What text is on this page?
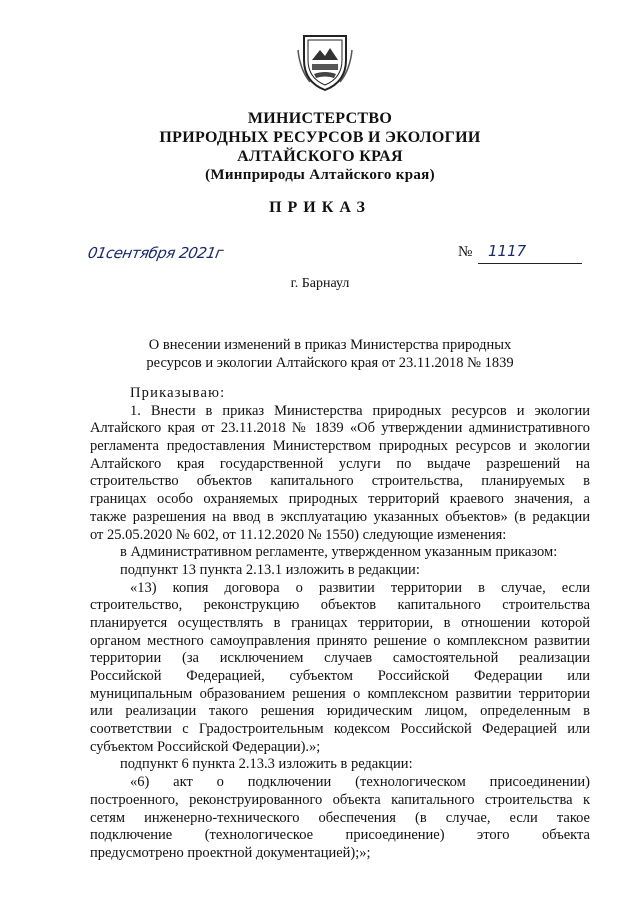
МИНИСТЕРСТВО
ПРИРОДНЫХ РЕСУРСОВ И ЭКОЛОГИИ
АЛТАЙСКОГО КРАЯ
(Минприроды Алтайского края)
ПРИКАЗ
01сентября 2021г	№ 1117
г. Барнаул
О внесении изменений в приказ Министерства природных
ресурсов и экологии Алтайского края от 23.11.2018 № 1839
Приказываю:
1. Внести в приказ Министерства природных ресурсов и экологии
Алтайского края от 23.11.2018 № 1839 «Об утверждении административного
регламента предоставления Министерством природных ресурсов и экологии
Алтайского края государственной услуги по выдаче разрешений на
строительство объектов капитального строительства, планируемых в
границах особо охраняемых природных территорий краевого значения, а
также разрешения на ввод в эксплуатацию указанных объектов» (в редакции
от 25.05.2020 № 602, от 11.12.2020 № 1550) следующие изменения:
в Административном регламенте, утвержденном указанным приказом:
подпункт 13 пункта 2.13.1 изложить в редакции:
«13) копия договора о развитии территории в случае, если
строительство, реконструкцию объектов капитального строительства
планируется осуществлять в границах территории, в отношении которой
органом местного самоуправления принято решение о комплексном развитии
территории (за исключением случаев самостоятельной реализации
Российской Федерацией, субъектом Российской Федерации или
муниципальным образованием решения о комплексном развитии территории
или реализации такого решения юридическим лицом, определенным в
соответствии с Градостроительным кодексом Российской Федерацией или
субъектом Российской Федерации).»;
подпункт 6 пункта 2.13.3 изложить в редакции:
«6) акт о подключении (технологическом присоединении)
построенного, реконструированного объекта капитального строительства к
сетям инженерно-технического обеспечения (в случае, если такое
подключение (технологическое присоединение) этого объекта
предусмотрено проектной документацией);»;
